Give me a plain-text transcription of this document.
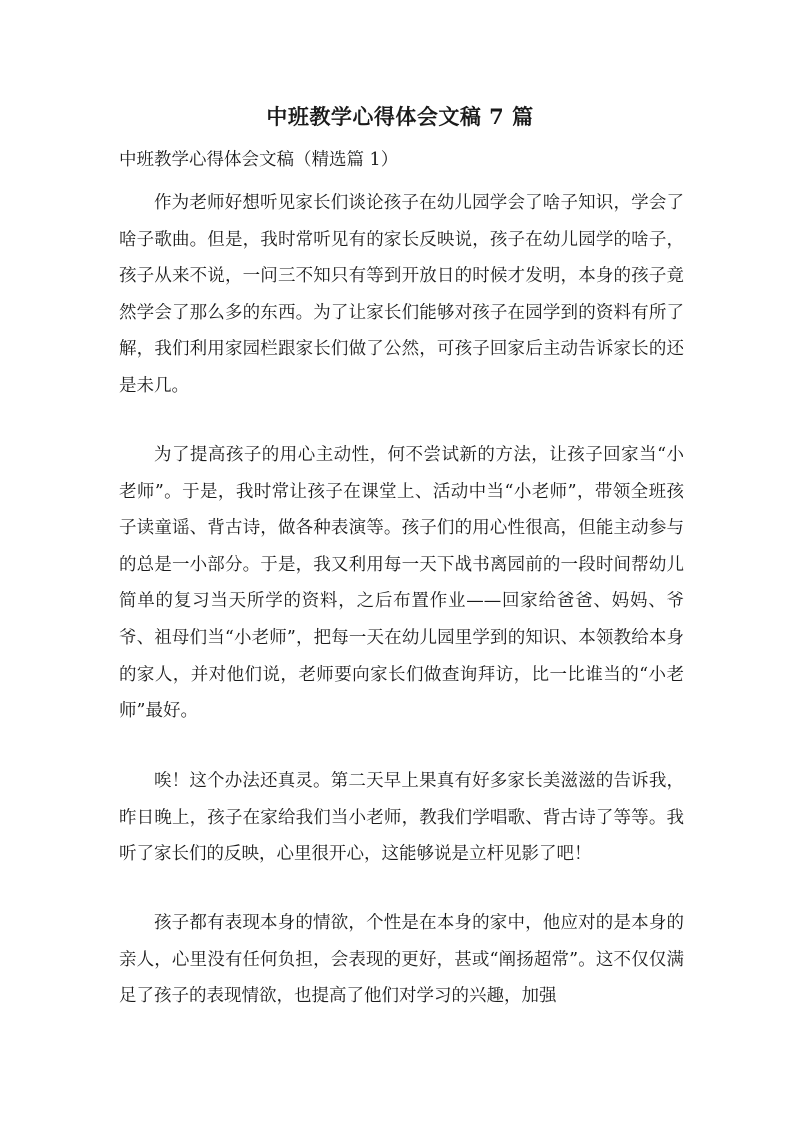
中班教学心得体会文稿 7 篇
中班教学心得体会文稿（精选篇 1）

作为老师好想听见家长们谈论孩子在幼儿园学会了啥子知识，学会了啥子歌曲。但是，我时常听见有的家长反映说，孩子在幼儿园学的啥子，孩子从来不说，一问三不知只有等到开放日的时候才发明，本身的孩子竟然学会了那么多的东西。为了让家长们能够对孩子在园学到的资料有所了解，我们利用家园栏跟家长们做了公然，可孩子回家后主动告诉家长的还是未几。

为了提高孩子的用心主动性，何不尝试新的方法，让孩子回家当“小老师”。于是，我时常让孩子在课堂上、活动中当“小老师”，带领全班孩子读童谣、背古诗，做各种表演等。孩子们的用心性很高，但能主动参与的总是一小部分。于是，我又利用每一天下战书离园前的一段时间帮幼儿简单的复习当天所学的资料，之后布置作业——回家给爸爸、妈妈、爷爷、祖母们当“小老师”，把每一天在幼儿园里学到的知识、本领教给本身的家人，并对他们说，老师要向家长们做查询拜访，比一比谁当的“小老师”最好。

唉！这个办法还真灵。第二天早上果真有好多家长美滋滋的告诉我，昨日晚上，孩子在家给我们当小老师，教我们学唱歌、背古诗了等等。我听了家长们的反映，心里很开心，这能够说是立杆见影了吧！

孩子都有表现本身的情欲，个性是在本身的家中，他应对的是本身的亲人，心里没有任何负担，会表现的更好，甚或“阐扬超常”。这不仅仅满足了孩子的表现情欲，也提高了他们对学习的兴趣，加强
